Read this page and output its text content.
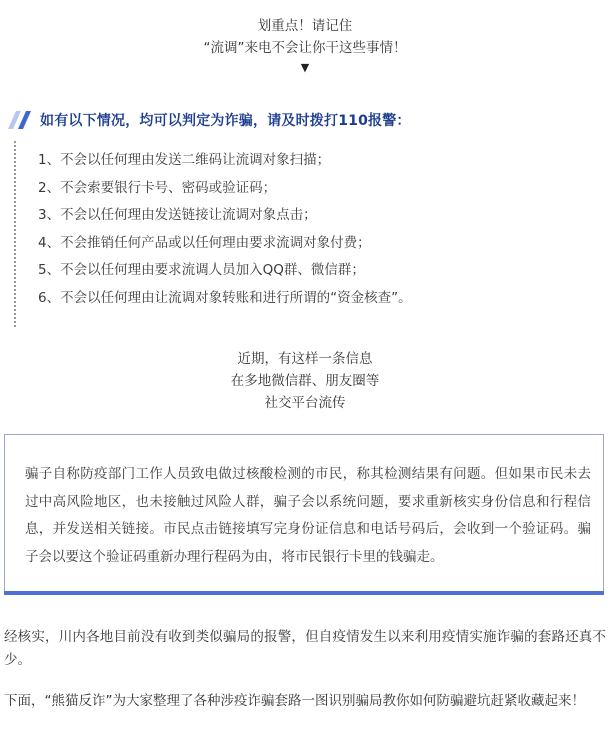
划重点！请记住
“流调”来电不会让你干这些事情！
▼
如有以下情况，均可以判定为诈骗，请及时拨打110报警：
1、不会以任何理由发送二维码让流调对象扫描；
2、不会索要银行卡号、密码或验证码；
3、不会以任何理由发送链接让流调对象点击；
4、不会推销任何产品或以任何理由要求流调对象付费；
5、不会以任何理由要求流调人员加入QQ群、微信群；
6、不会以任何理由让流调对象转账和进行所谓的“资金核查”。
近期，有这样一条信息
在多地微信群、朋友圈等
社交平台流传
骗子自称防疫部门工作人员致电做过核酸检测的市民，称其检测结果有问题。但如果市民未去过中高风险地区，也未接触过风险人群，骗子会以系统问题，要求重新核实身份信息和行程信息，并发送相关链接。市民点击链接填写完身份证信息和电话号码后，会收到一个验证码。骗子会以要这个验证码重新办理行程码为由，将市民银行卡里的钱骗走。
经核实，川内各地目前没有收到类似骗局的报警，但自疫情发生以来利用疫情实施诈骗的套路还真不少。
下面，“熊猫反诈”为大家整理了各种涉疫诈骗套路一图识别骗局教你如何防骗避坑赶紧收藏起来！
